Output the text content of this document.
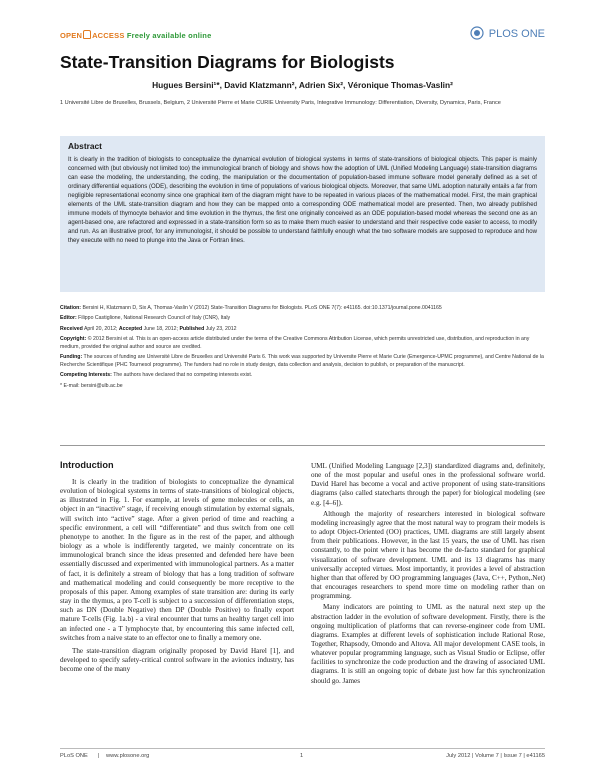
OPEN ACCESS Freely available online	PLOS ONE
State-Transition Diagrams for Biologists
Hugues Bersini¹*, David Klatzmann², Adrien Six², Véronique Thomas-Vaslin²
1 Université Libre de Bruxelles, Brussels, Belgium, 2 Université Pierre et Marie CURIE University Paris, Integrative Immunology: Differentiation, Diversity, Dynamics, Paris, France
Abstract
It is clearly in the tradition of biologists to conceptualize the dynamical evolution of biological systems in terms of state-transitions of biological objects. This paper is mainly concerned with (but obviously not limited too) the immunological branch of biology and shows how the adoption of UML (Unified Modeling Language) state-transition diagrams can ease the modeling, the understanding, the coding, the manipulation or the documentation of population-based immune software model generally defined as a set of ordinary differential equations (ODE), describing the evolution in time of populations of various biological objects. Moreover, that same UML adoption naturally entails a far from negligible representational economy since one graphical item of the diagram might have to be repeated in various places of the mathematical model. First, the main graphical elements of the UML state-transition diagram and how they can be mapped onto a corresponding ODE mathematical model are presented. Then, two already published immune models of thymocyte behavior and time evolution in the thymus, the first one originally conceived as an ODE population-based model whereas the second one as an agent-based one, are refactored and expressed in a state-transition form so as to make them much easier to understand and their respective code easier to access, to modify and run. As an illustrative proof, for any immunologist, it should be possible to understand faithfully enough what the two software models are supposed to reproduce and how they execute with no need to plunge into the Java or Fortran lines.

Citation: Bersini H, Klatzmann D, Six A, Thomas-Vaslin V (2012) State-Transition Diagrams for Biologists. PLoS ONE 7(7): e41165. doi:10.1371/journal.pone.0041165

Editor: Filippo Castiglione, National Research Council of Italy (CNR), Italy

Received April 20, 2012; Accepted June 18, 2012; Published July 23, 2012

Copyright: © 2012 Bersini et al. This is an open-access article distributed under the terms of the Creative Commons Attribution License, which permits unrestricted use, distribution, and reproduction in any medium, provided the original author and source are credited.

Funding: The sources of funding are Université Libre de Bruxelles and Université Paris 6. This work was supported by Universite Pierre et Marie Curie (Emergence-UPMC programme), and Centre National de la Recherche Scientifique (PHC Tournesol programme). The funders had no role in study design, data collection and analysis, decision to publish, or preparation of the manuscript.

Competing Interests: The authors have declared that no competing interests exist.

* E-mail: bersini@ulb.ac.be

Introduction

It is clearly in the tradition of biologists to conceptualize the dynamical evolution of biological systems in terms of state-transitions of biological objects, as illustrated in Fig. 1. For example, at levels of gene molecules or cells, an object in an “inactive” stage, if receiving enough stimulation by external signals, will switch into “active” stage. After a given period of time and reaching a specific environment, a cell will “differentiate” and thus switch from one cell phenotype to another. In the figure as in the rest of the paper, and although biology as a whole is indifferently targeted, we mainly concentrate on its immunological branch since the ideas presented and defended here have been essentially discussed and experimented with immunological partners. As a matter of fact, it is definitely a stream of biology that has a long tradition of software and mathematical modeling and could consequently be more receptive to the proposals of this paper. Among examples of state transition are: during its early stay in the thymus, a pro T-cell is subject to a succession of differentiation steps, such as DN (Double Negative) then DP (Double Positive) to finally export mature T-cells (Fig. 1a.b) - a viral encounter that turns an healthy target cell into an infected one - a T lymphocyte that, by encountering this same infected cell, switches from a naive state to an effector one to finally a memory one.

The state-transition diagram originally proposed by David Harel [1], and developed to specify safety-critical control software in the avionics industry, has become one of the many

UML (Unified Modeling Language [2,3]) standardized diagrams and, definitely, one of the most popular and useful ones in the professional software world. David Harel has become a vocal and active proponent of using state-transitions diagrams (also called statecharts through the paper) for biological modeling (see e.g. [4–6]).

Although the majority of researchers interested in biological software modeling increasingly agree that the most natural way to program their models is to adopt Object-Oriented (OO) practices, UML diagrams are still largely absent from their publications. However, in the last 15 years, the use of UML has risen constantly, to the point where it has become the de-facto standard for graphical visualization of software development. UML and its 13 diagrams has many universally accepted virtues. Most importantly, it provides a level of abstraction higher than that offered by OO programming languages (Java, C++, Python,.Net) that encourages researchers to spend more time on modeling rather than on programming.

Many indicators are pointing to UML as the natural next step up the abstraction ladder in the evolution of software development. Firstly, there is the ongoing multiplication of platforms that can reverse-engineer code from UML diagrams. Examples at different levels of sophistication include Rational Rose, Together, Rhapsody, Omondo and Altova. All major development CASE tools, in whatever popular programming language, such as Visual Studio or Eclipse, offer facilities to synchronize the code production and the drawing of associated UML diagrams. It is still an ongoing topic of debate just how far this synchronization should go. James

PLoS ONE | www.plosone.org	1	July 2012 | Volume 7 | Issue 7 | e41165
